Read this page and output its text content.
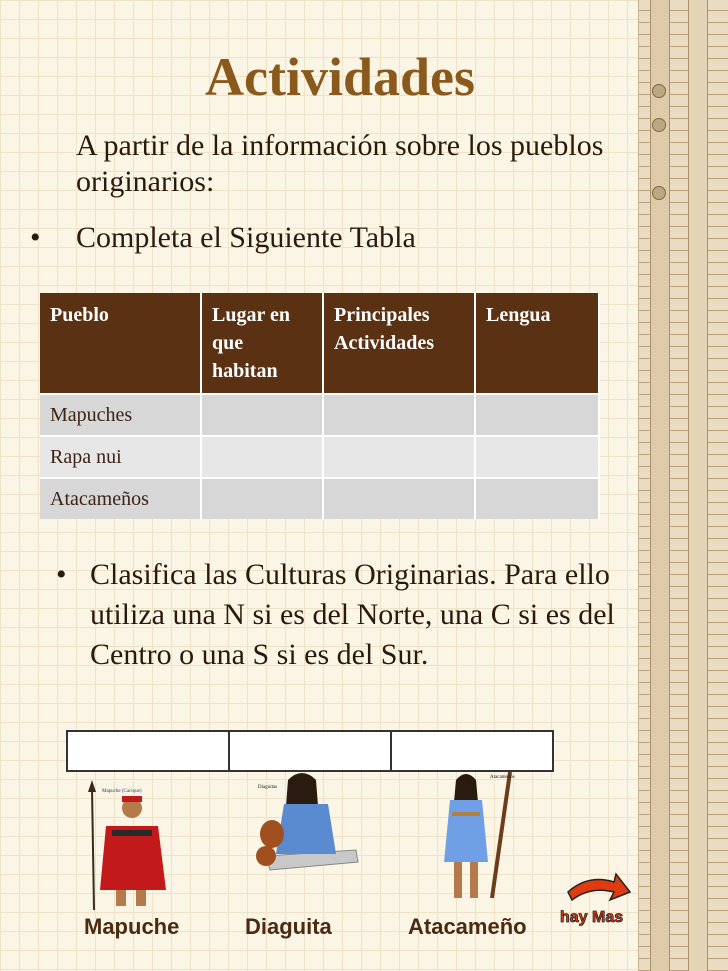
Actividades
A partir de la información sobre los pueblos originarios:
• Completa el Siguiente Tabla
Pueblo	Lugar en que habitan	Principales Actividades	Lengua
Mapuches			
Rapa nui			
Atacameños			
• Clasifica las Culturas Originarias. Para ello utiliza una N si es del Norte, una C si es del Centro o una S si es del Sur.
Mapuche (Cacique)
Diaguitas
Atacameños
Mapuche	Diaguita	Atacameño hay Mas
